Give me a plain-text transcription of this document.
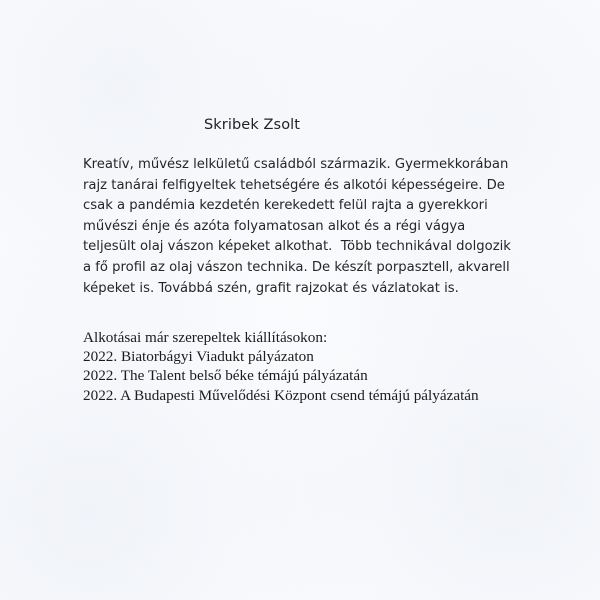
Skribek Zsolt
Kreatív, művész lelkületű családból származik. Gyermekkorában
rajz tanárai felfigyeltek tehetségére és alkotói képességeire. De
csak a pandémia kezdetén kerekedett felül rajta a gyerekkori
művészi énje és azóta folyamatosan alkot és a régi vágya
teljesült olaj vászon képeket alkothat.  Több technikával dolgozik
a fő profil az olaj vászon technika. De készít porpasztell, akvarell
képeket is. Továbbá szén, grafit rajzokat és vázlatokat is.
Alkotásai már szerepeltek kiállításokon:
2022. Biatorbágyi Viadukt pályázaton
2022. The Talent belső béke témájú pályázatán
2022. A Budapesti Művelődési Központ csend témájú pályázatán
